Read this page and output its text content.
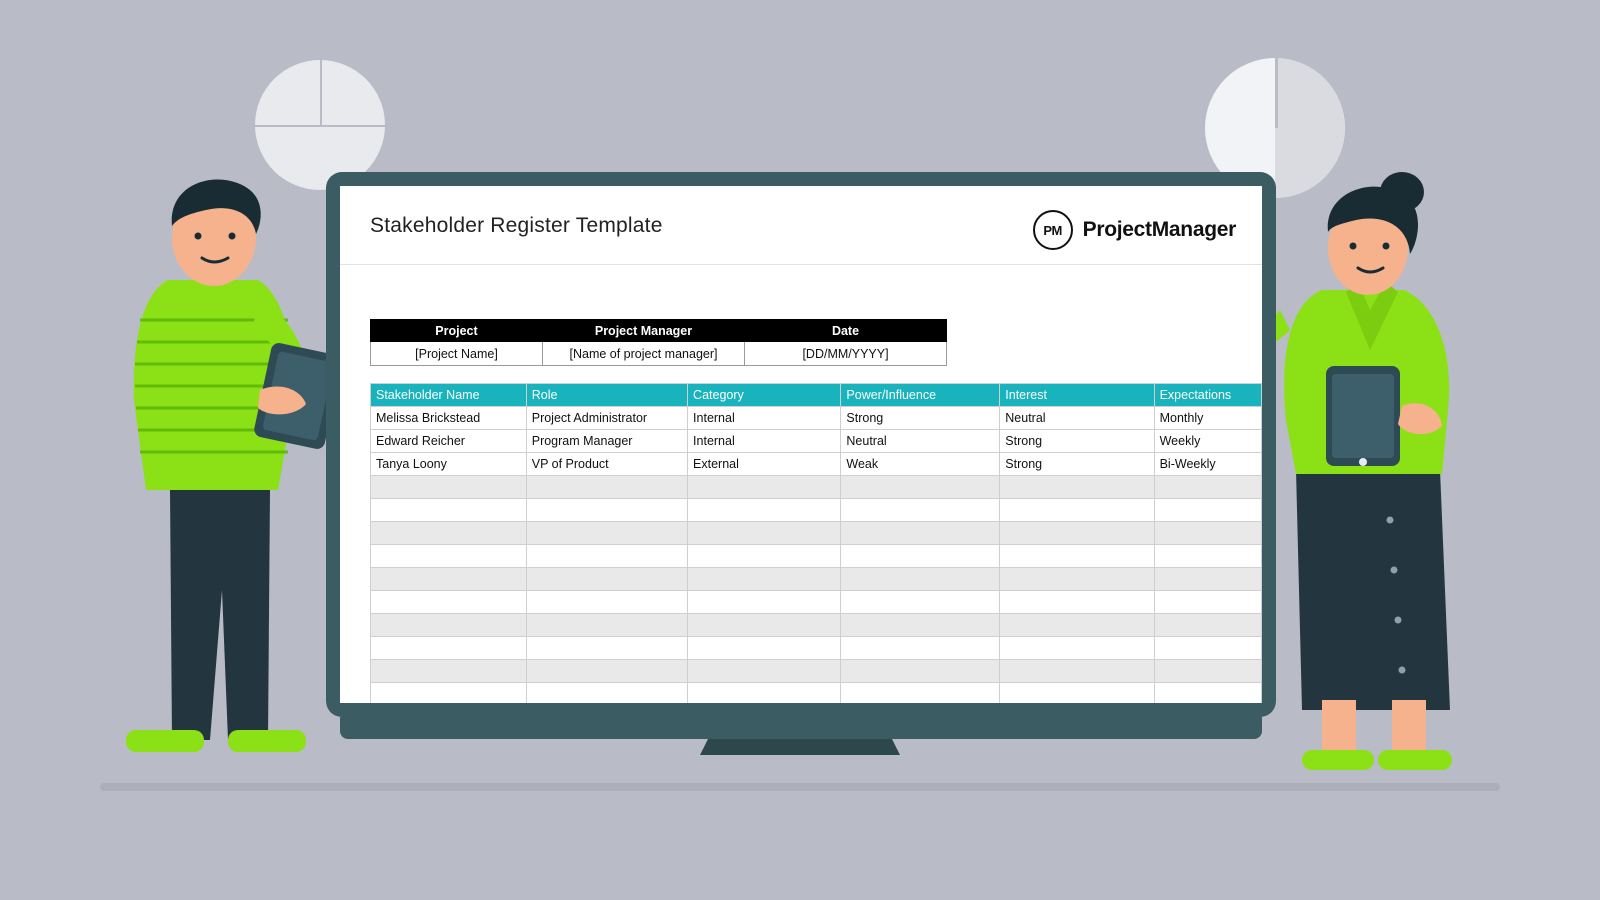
Stakeholder Register Template	PM ProjectManager
Project	Project Manager	Date
[Project Name]	[Name of project manager]	[DD/MM/YYYY]
Stakeholder Name	Role	Category	Power/Influence	Interest	Expectations
Melissa Brickstead	Project Administrator	Internal	Strong	Neutral	Monthly
Edward Reicher	Program Manager	Internal	Neutral	Strong	Weekly
Tanya Loony	VP of Product	External	Weak	Strong	Bi-Weekly
